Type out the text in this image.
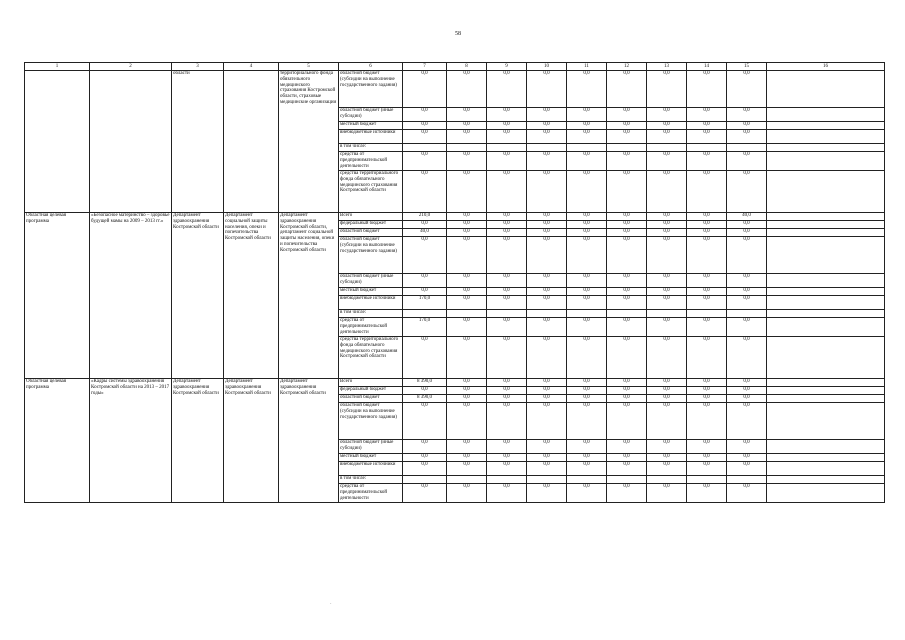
58
1	2	3	4	5	6	7	8	9	10	11	12	13	14	15	16
		области		территориального фонда обязательного медицинского страхования Костромской области, страховые медицинские организации	областной бюджет (субсидии на выполнение государственного задания)	0,0	0,0	0,0	0,0	0,0	0,0	0,0	0,0	0,0	
					областной бюджет (иные субсидии)	0,0	0,0	0,0	0,0	0,0	0,0	0,0	0,0	0,0	
					местный бюджет	0,0	0,0	0,0	0,0	0,0	0,0	0,0	0,0	0,0	
					внебюджетные источники	0,0	0,0	0,0	0,0	0,0	0,0	0,0	0,0	0,0	
					в том числе:										
					средства от предпринимательской деятельности	0,0	0,0	0,0	0,0	0,0	0,0	0,0	0,0	0,0	
					средства территориального фонда обязательного медицинского страхования Костромской области	0,0	0,0	0,0	0,0	0,0	0,0	0,0	0,0	0,0	
Областная целевая программа	«Безопасное материнство – здоровье будущей мамы на 2009 – 2013 гг.»	Департамент здравоохранения Костромской области	Департамент социальной защиты населения, опеки и попечительства Костромской области	Департамент здравоохранения Костромской области, департамент социальной защиты населения, опеки и попечительства Костромской области	Всего	210,0	0,0	0,0	0,0	0,0	0,0	0,0	0,0	40,0	
					федеральный бюджет	0,0	0,0	0,0	0,0	0,0	0,0	0,0	0,0	0,0	
					областной бюджет	40,0	0,0	0,0	0,0	0,0	0,0	0,0	0,0	0,0	
					областной бюджет (субсидии на выполнение государственного задания)	0,0	0,0	0,0	0,0	0,0	0,0	0,0	0,0	0,0	
					областной бюджет (иные субсидии)	0,0	0,0	0,0	0,0	0,0	0,0	0,0	0,0	0,0	
					местный бюджет	0,0	0,0	0,0	0,0	0,0	0,0	0,0	0,0	0,0	
					внебюджетные источники	170,0	0,0	0,0	0,0	0,0	0,0	0,0	0,0	0,0	
					в том числе:										
					средства от предпринимательской деятельности	170,0	0,0	0,0	0,0	0,0	0,0	0,0	0,0	0,0	
					средства территориального фонда обязательного медицинского страхования Костромской области	0,0	0,0	0,0	0,0	0,0	0,0	0,0	0,0	0,0	
Областная целевая программа	«Кадры системы здравоохранения Костромской области на 2013 – 2017 годы»	Департамент здравоохранения Костромской области	Департамент здравоохранения Костромской области	Департамент здравоохранения Костромской области	Всего	8 390,0	0,0	0,0	0,0	0,0	0,0	0,0	0,0	0,0	
					федеральный бюджет	0,0	0,0	0,0	0,0	0,0	0,0	0,0	0,0	0,0	
					областной бюджет	8 390,0	0,0	0,0	0,0	0,0	0,0	0,0	0,0	0,0	
					областной бюджет (субсидии на выполнение государственного задания)	0,0	0,0	0,0	0,0	0,0	0,0	0,0	0,0	0,0	
					областной бюджет (иные субсидии)	0,0	0,0	0,0	0,0	0,0	0,0	0,0	0,0	0,0	
					местный бюджет	0,0	0,0	0,0	0,0	0,0	0,0	0,0	0,0	0,0	
					внебюджетные источники	0,0	0,0	0,0	0,0	0,0	0,0	0,0	0,0	0,0	
					в том числе:										
					средства от предпринимательской деятельности	0,0	0,0	0,0	0,0	0,0	0,0	0,0	0,0	0,0	
·
